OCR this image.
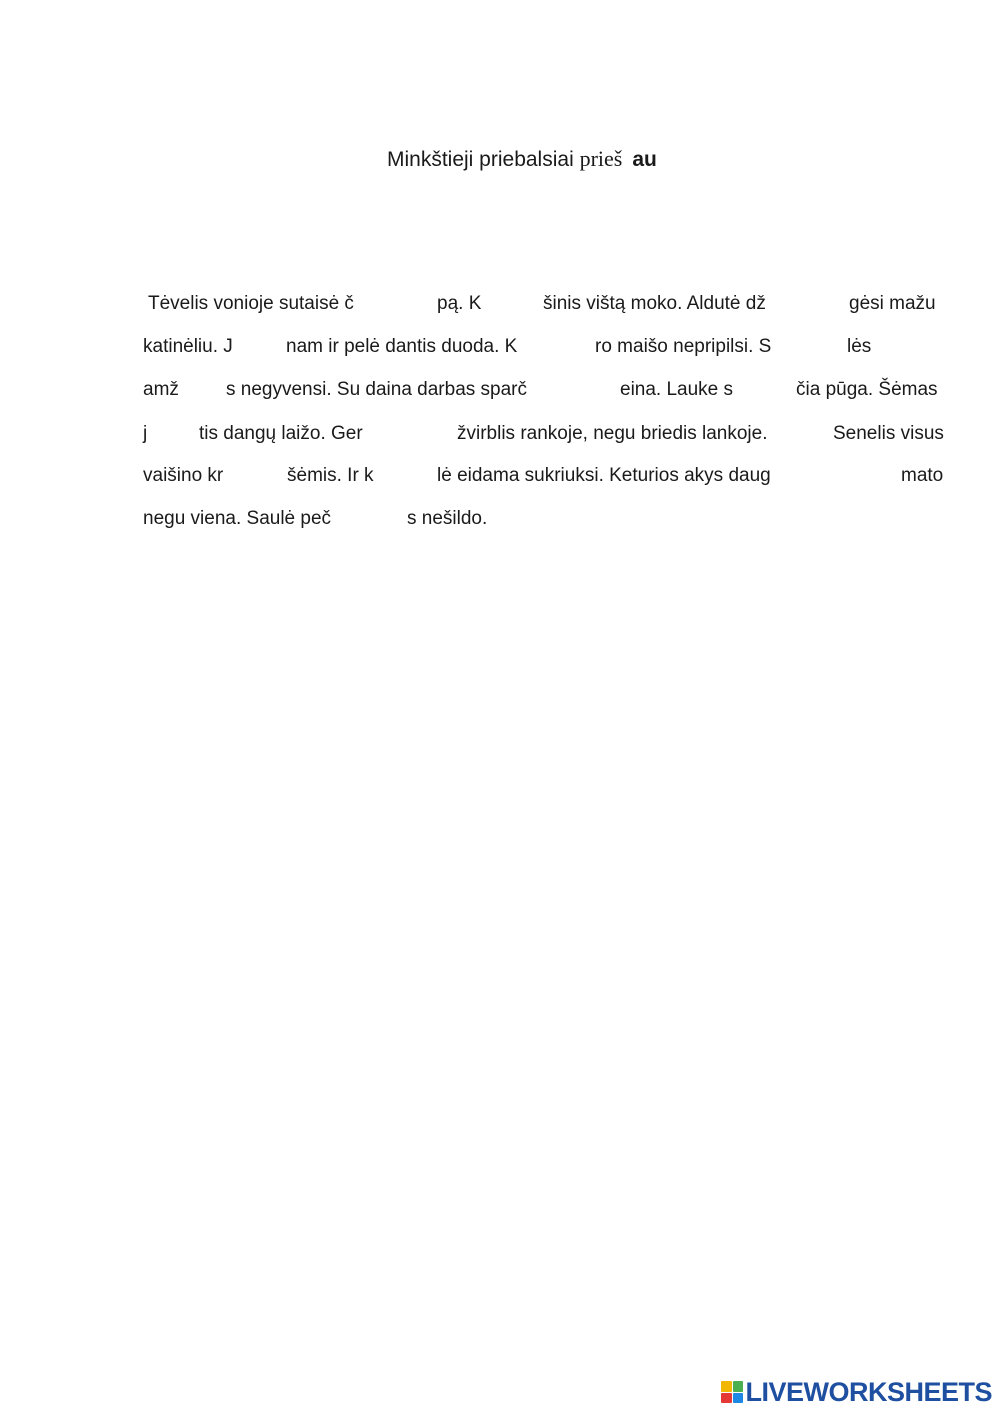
Minkštieji priebalsiai prieš au
Tėvelis vonioje sutaisė č	pą. K	šinis vištą moko. Aldutė dž	gėsi mažu
katinėliu. J	nam ir pelė dantis duoda. K	ro maišo nepripilsi. S	lės
amž s negyvensi. Su daina darbas sparč	eina. Lauke s	čia pūga. Šėmas
j	tis dangų laižo. Ger	žvirblis rankoje, negu briedis lankoje.	Senelis visus
vaišino kr	šėmis. Ir k	lė eidama sukriuksi. Keturios akys daug	mato
negu viena. Saulė peč	s nešildo.
LIVEWORKSHEETS
